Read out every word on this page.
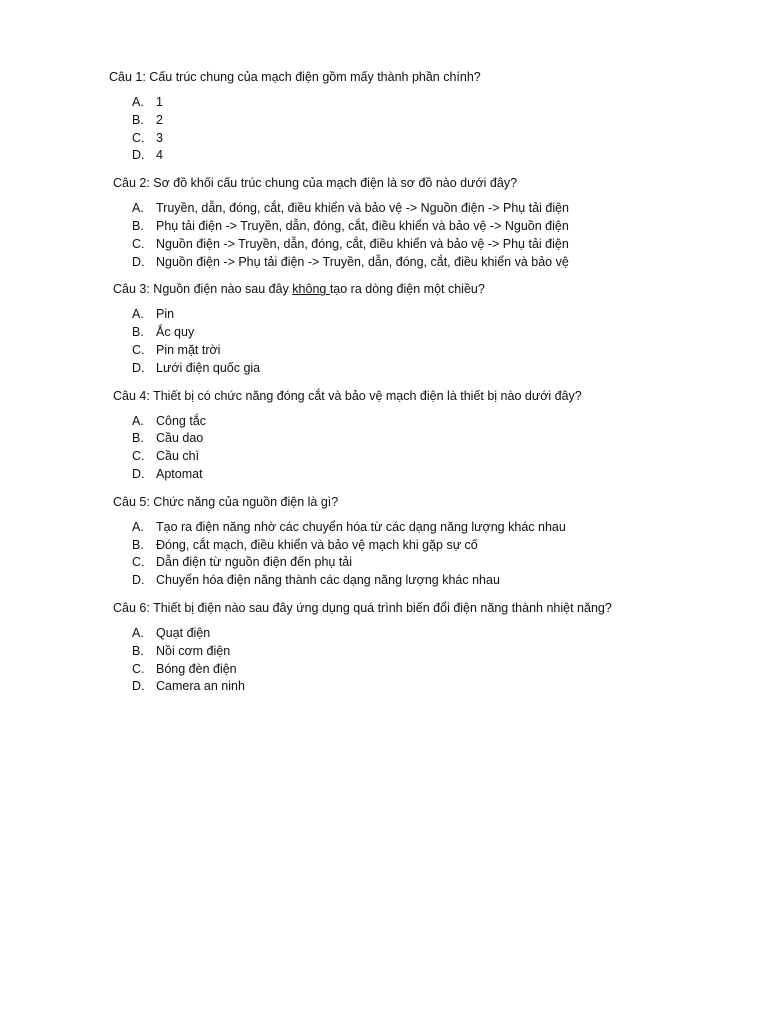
Câu 1: Cấu trúc chung của mạch điện gồm mấy thành phần chính?

A. 1
B. 2
C. 3
D. 4

Câu 2: Sơ đồ khối cấu trúc chung của mạch điện là sơ đồ nào dưới đây?

A. Truyền, dẫn, đóng, cắt, điều khiển và bảo vệ -> Nguồn điện -> Phụ tải điện
B. Phụ tải điện -> Truyền, dẫn, đóng, cắt, điều khiển và bảo vệ -> Nguồn điện
C. Nguồn điện -> Truyền, dẫn, đóng, cắt, điều khiển và bảo vệ -> Phụ tải điện
D. Nguồn điện -> Phụ tải điện -> Truyền, dẫn, đóng, cắt, điều khiển và bảo vệ

Câu 3: Nguồn điện nào sau đây không tạo ra dòng điện một chiều?

A. Pin
B. Ắc quy
C. Pin mặt trời
D. Lưới điện quốc gia

Câu 4: Thiết bị có chức năng đóng cắt và bảo vệ mạch điện là thiết bị nào dưới đây?

A. Công tắc
B. Cầu dao
C. Cầu chì
D. Aptomat

Câu 5: Chức năng của nguồn điện là gì?

A. Tạo ra điện năng nhờ các chuyển hóa từ các dạng năng lượng khác nhau
B. Đóng, cắt mạch, điều khiển và bảo vệ mạch khi gặp sự cố
C. Dẫn điện từ nguồn điện đến phụ tải
D. Chuyển hóa điện năng thành các dạng năng lượng khác nhau

Câu 6: Thiết bị điện nào sau đây ứng dụng quá trình biến đổi điện năng thành nhiệt năng?

A. Quạt điện
B. Nồi cơm điện
C. Bóng đèn điện
D. Camera an ninh
